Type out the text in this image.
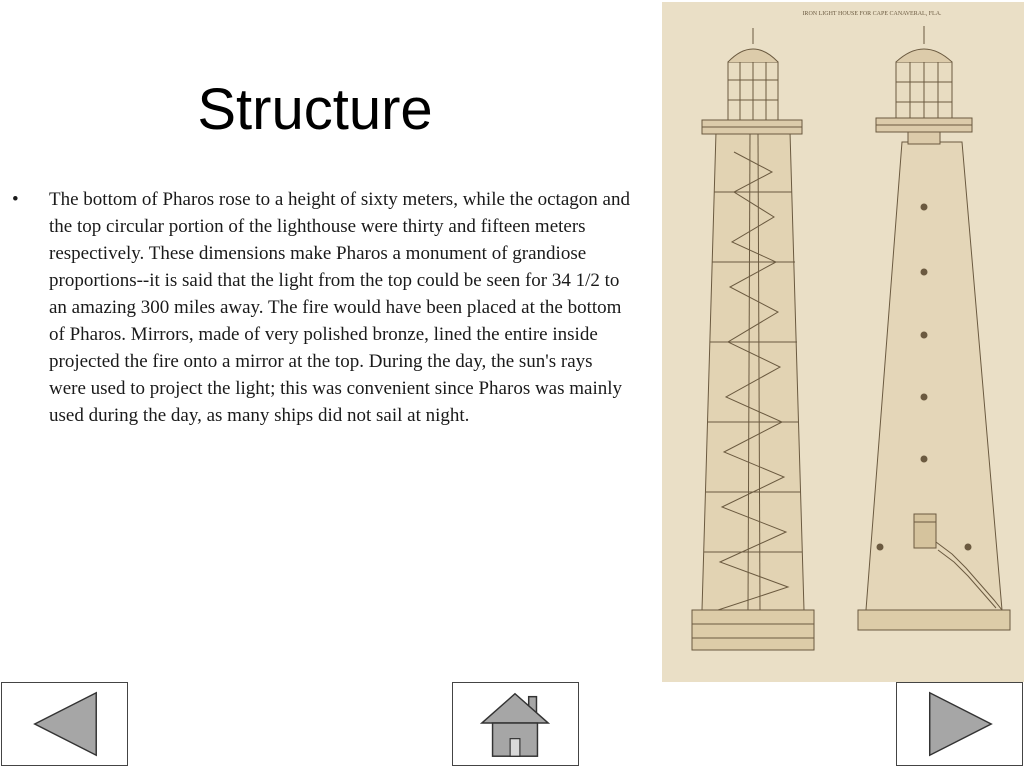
Structure
•	The bottom of Pharos rose to a height of sixty meters, while the octagon and the top circular portion of the lighthouse were thirty and fifteen meters respectively. These dimensions make Pharos a monument of grandiose proportions--it is said that the light from the top could be seen for 34 1/2 to an amazing 300 miles away. The fire would have been placed at the bottom of Pharos. Mirrors, made of very polished bronze, lined the entire inside projected the fire onto a mirror at the top. During the day, the sun's rays were used to project the light; this was convenient since Pharos was mainly used during the day, as many ships did not sail at night.
IRON LIGHT HOUSE FOR CAPE CANAVERAL, FLA.
